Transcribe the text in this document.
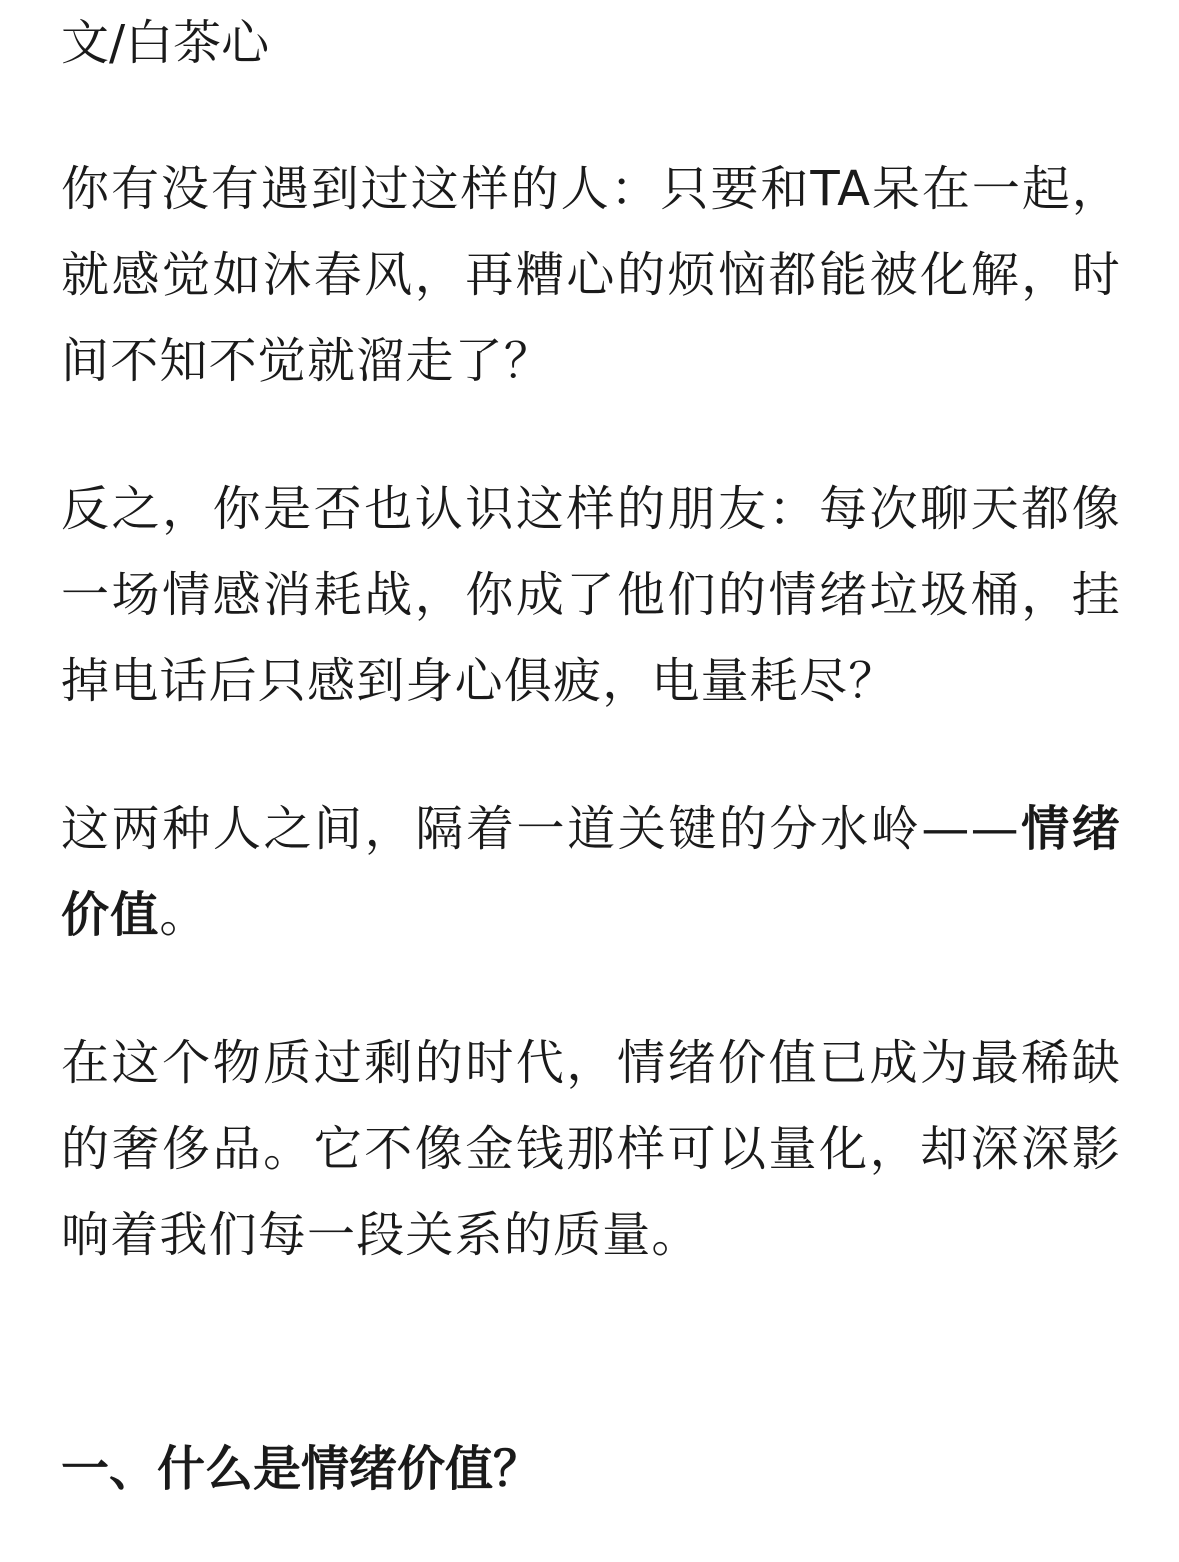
文/白茶心

你有没有遇到过这样的人：只要和TA呆在一起，就感觉如沐春风，再糟心的烦恼都能被化解，时间不知不觉就溜走了？

反之，你是否也认识这样的朋友：每次聊天都像一场情感消耗战，你成了他们的情绪垃圾桶，挂掉电话后只感到身心俱疲，电量耗尽？

这两种人之间，隔着一道关键的分水岭——情绪价值。

在这个物质过剩的时代，情绪价值已成为最稀缺的奢侈品。它不像金钱那样可以量化，却深深影响着我们每一段关系的质量。

一、什么是情绪价值？
